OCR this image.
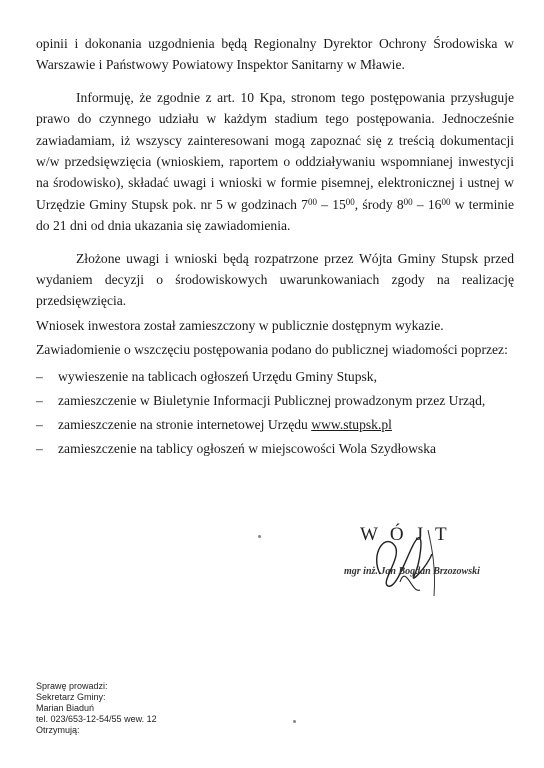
opinii i dokonania uzgodnienia będą Regionalny Dyrektor Ochrony Środowiska w Warszawie i Państwowy Powiatowy Inspektor Sanitarny w Mławie.

Informuję, że zgodnie z art. 10 Kpa, stronom tego postępowania przysługuje prawo do czynnego udziału w każdym stadium tego postępowania. Jednocześnie zawiadamiam, iż wszyscy zainteresowani mogą zapoznać się z treścią dokumentacji w/w przedsięwzięcia (wnioskiem, raportem o oddziaływaniu wspomnianej inwestycji na środowisko), składać uwagi i wnioski w formie pisemnej, elektronicznej i ustnej w Urzędzie Gminy Stupsk pok. nr 5 w godzinach $7^{00} - 15^{00}$, środy $8^{00} - 16^{00}$ w terminie do 21 dni od dnia ukazania się zawiadomienia.

Złożone uwagi i wnioski będą rozpatrzone przez Wójta Gminy Stupsk przed wydaniem decyzji o środowiskowych uwarunkowaniach zgody na realizację przedsięwzięcia.

Wniosek inwestora został zamieszczony w publicznie dostępnym wykazie.

Zawiadomienie o wszczęciu postępowania podano do publicznej wiadomości poprzez:

– wywieszenie na tablicach ogłoszeń Urzędu Gminy Stupsk,
– zamieszczenie w Biuletynie Informacji Publicznej prowadzonym przez Urząd,
– zamieszczenie na stronie internetowej Urzędu www.stupsk.pl
– zamieszczenie na tablicy ogłoszeń w miejscowości Wola Szydłowska
WÓJT
mgr inż. Jan Bogdan Brzozowski
Sprawę prowadzi:
Sekretarz Gminy:
Marian Biaduń
tel. 023/653-12-54/55 wew. 12
Otrzymują:
